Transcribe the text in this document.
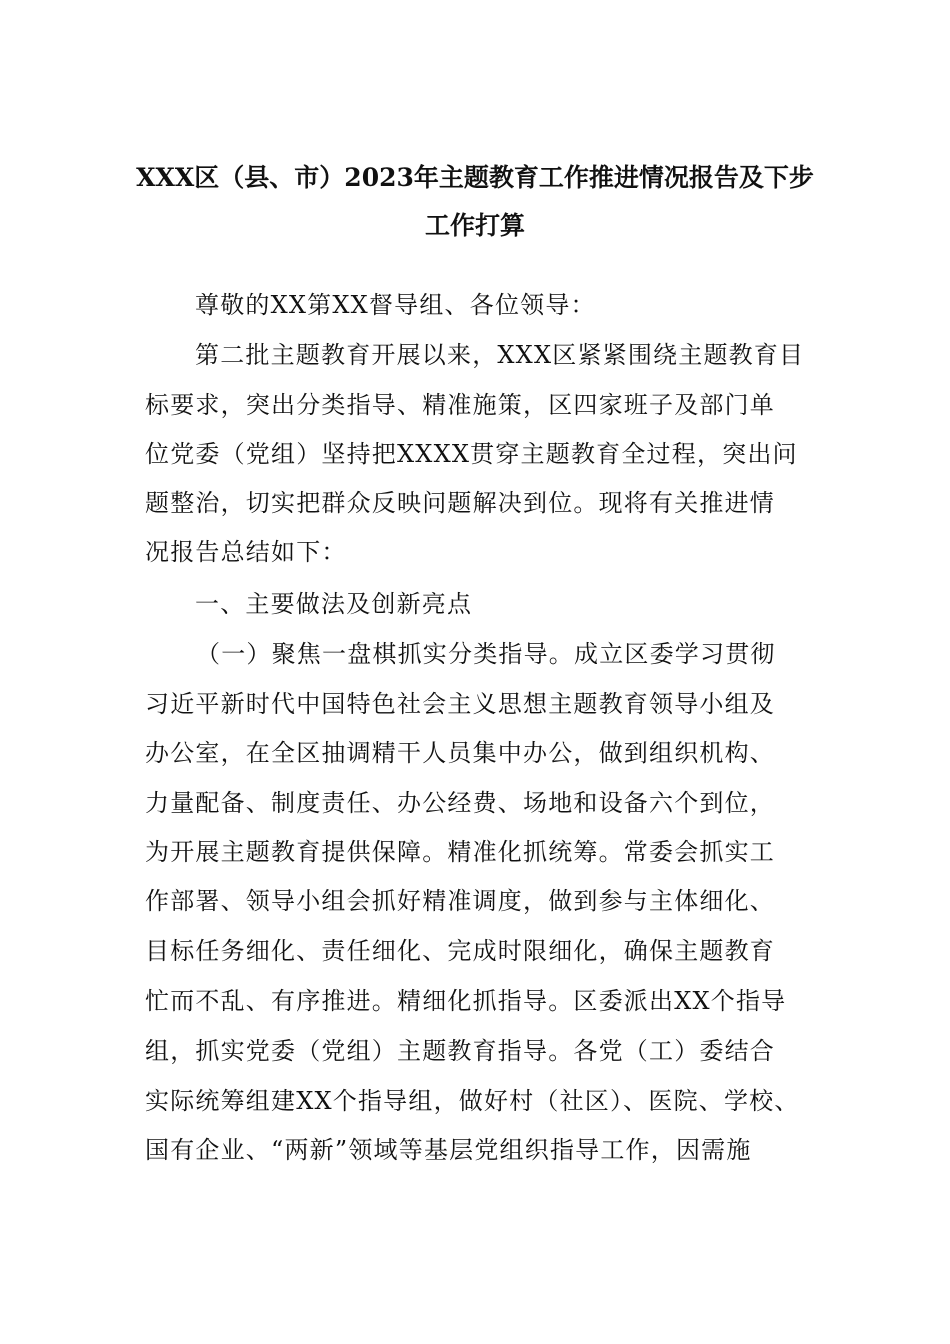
XXX区（县、市）2023年主题教育工作推进情况报告及下步
工作打算
尊敬的XX第XX督导组、各位领导：
第二批主题教育开展以来，XXX区紧紧围绕主题教育目
标要求，突出分类指导、精准施策，区四家班子及部门单
位党委（党组）坚持把XXXX贯穿主题教育全过程，突出问
题整治，切实把群众反映问题解决到位。现将有关推进情
况报告总结如下：
一、主要做法及创新亮点
（一）聚焦一盘棋抓实分类指导。成立区委学习贯彻
习近平新时代中国特色社会主义思想主题教育领导小组及
办公室，在全区抽调精干人员集中办公，做到组织机构、
力量配备、制度责任、办公经费、场地和设备六个到位，
为开展主题教育提供保障。精准化抓统筹。常委会抓实工
作部署、领导小组会抓好精准调度，做到参与主体细化、
目标任务细化、责任细化、完成时限细化，确保主题教育
忙而不乱、有序推进。精细化抓指导。区委派出XX个指导
组，抓实党委（党组）主题教育指导。各党（工）委结合
实际统筹组建XX个指导组，做好村（社区）、医院、学校、
国有企业、“两新”领域等基层党组织指导工作，因需施
